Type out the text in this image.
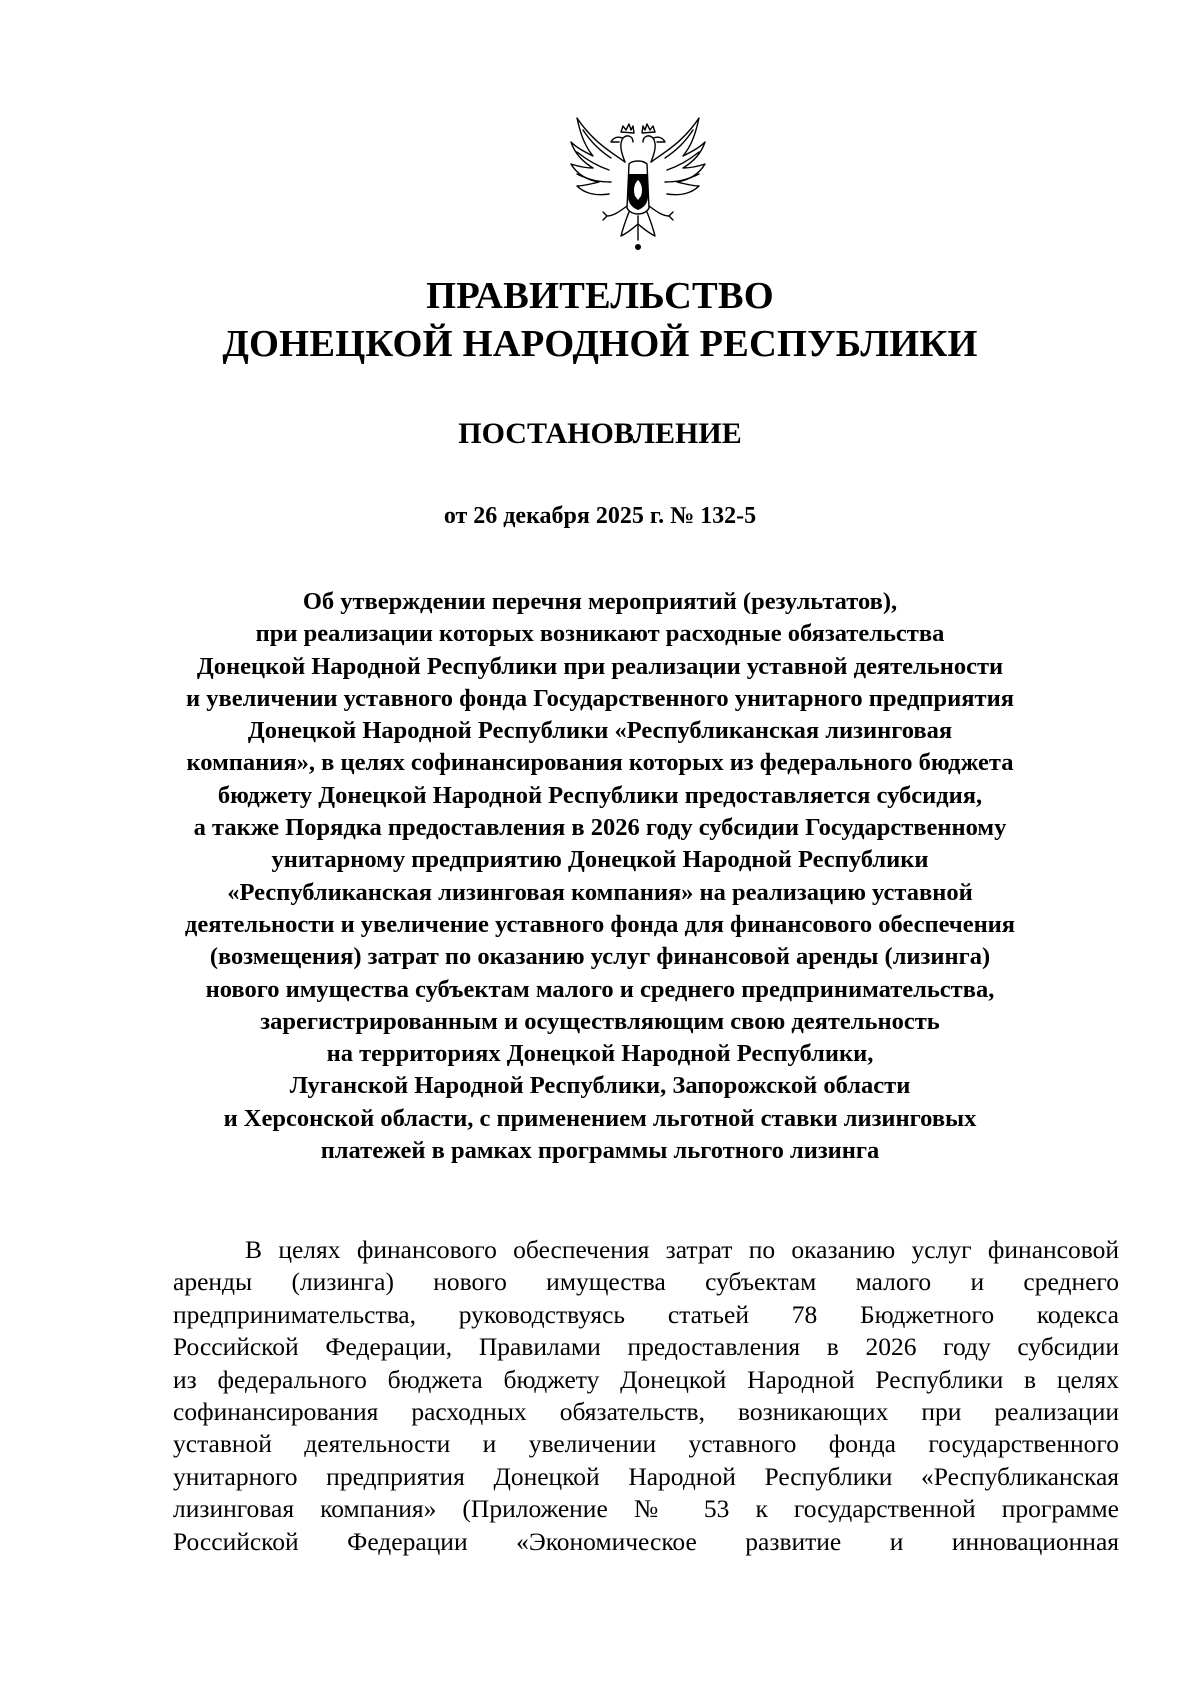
ПРАВИТЕЛЬСТВО
ДОНЕЦКОЙ НАРОДНОЙ РЕСПУБЛИКИ
ПОСТАНОВЛЕНИЕ
от 26 декабря 2025 г. № 132-5
Об утверждении перечня мероприятий (результатов),
при реализации которых возникают расходные обязательства
Донецкой Народной Республики при реализации уставной деятельности
и увеличении уставного фонда Государственного унитарного предприятия
Донецкой Народной Республики «Республиканская лизинговая
компания», в целях софинансирования которых из федерального бюджета
бюджету Донецкой Народной Республики предоставляется субсидия,
а также Порядка предоставления в 2026 году субсидии Государственному
унитарному предприятию Донецкой Народной Республики
«Республиканская лизинговая компания» на реализацию уставной
деятельности и увеличение уставного фонда для финансового обеспечения
(возмещения) затрат по оказанию услуг финансовой аренды (лизинга)
нового имущества субъектам малого и среднего предпринимательства,
зарегистрированным и осуществляющим свою деятельность
на территориях Донецкой Народной Республики,
Луганской Народной Республики, Запорожской области
и Херсонской области, с применением льготной ставки лизинговых
платежей в рамках программы льготного лизинга
В целях финансового обеспечения затрат по оказанию услуг финансовой
аренды (лизинга) нового имущества субъектам малого и среднего
предпринимательства, руководствуясь статьей 78 Бюджетного кодекса
Российской Федерации, Правилами предоставления в 2026 году субсидии
из федерального бюджета бюджету Донецкой Народной Республики в целях
софинансирования расходных обязательств, возникающих при реализации
уставной деятельности и увеличении уставного фонда государственного
унитарного предприятия Донецкой Народной Республики «Республиканская
лизинговая компания» (Приложение № 53 к государственной программе
Российской Федерации «Экономическое развитие и инновационная
